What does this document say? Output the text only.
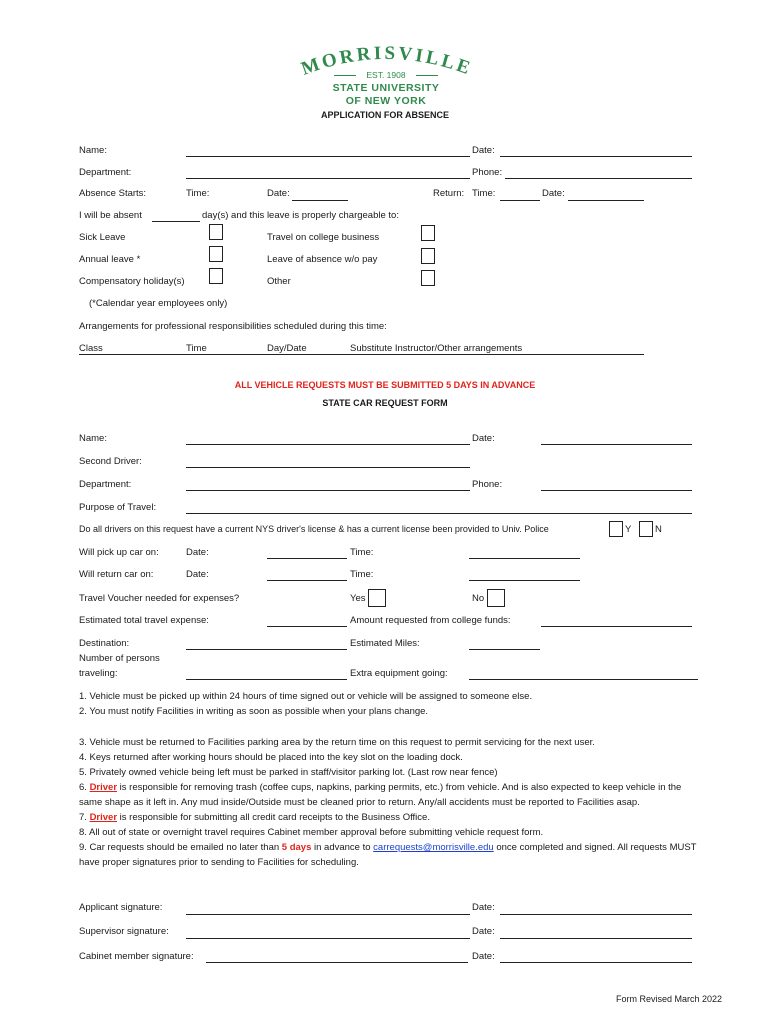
MORRISVILLE
EST. 1908
STATE UNIVERSITY
OF NEW YORK
APPLICATION FOR ABSENCE
Name:	Date:
Department:	Phone:
Absence Starts:	Time:	Date:	Return: Time:	Date:
I will be absent	day(s) and this leave is properly chargeable to:
Sick Leave	Travel on college business
Annual leave *	Leave of absence w/o pay
Compensatory holiday(s)	Other
(*Calendar year employees only)
Arrangements for professional responsibilities scheduled during this time:
Class	Time	Day/Date	Substitute Instructor/Other arrangements
ALL VEHICLE REQUESTS MUST BE SUBMITTED 5 DAYS IN ADVANCE
STATE CAR REQUEST FORM
Name:	Date:
Second Driver:
Department:	Phone:
Purpose of Travel:
Do all drivers on this request have a current NYS driver's license & has a current license been provided to Univ. Police	Y N
Will pick up car on:	Date:	Time:
Will return car on:	Date:	Time:
Travel Voucher needed for expenses?	Yes	No
Estimated total travel expense:	Amount requested from college funds:
Destination:	Estimated Miles:
Number of persons
traveling:	Extra equipment going:
1. Vehicle must be picked up within 24 hours of time signed out or vehicle will be assigned to someone else.
2. You must notify Facilities in writing as soon as possible when your plans change.
3. Vehicle must be returned to Facilities parking area by the return time on this request to permit servicing for the next user.
4. Keys returned after working hours should be placed into the key slot on the loading dock.
5. Privately owned vehicle being left must be parked in staff/visitor parking lot. (Last row near fence)
6. Driver is responsible for removing trash (coffee cups, napkins, parking permits, etc.) from vehicle. And is also expected to keep vehicle in the same shape as it left in. Any mud inside/Outside must be cleaned prior to return. Any/all accidents must be reported to Facilities asap.
7. Driver is responsible for submitting all credit card receipts to the Business Office.
8. All out of state or overnight travel requires Cabinet member approval before submitting vehicle request form.
9. Car requests should be emailed no later than 5 days in advance to carrequests@morrisville.edu once completed and signed. All requests MUST have proper signatures prior to sending to Facilities for scheduling.
Applicant signature:	Date:
Supervisor signature:	Date:
Cabinet member signature:	Date:
Form Revised March 2022
